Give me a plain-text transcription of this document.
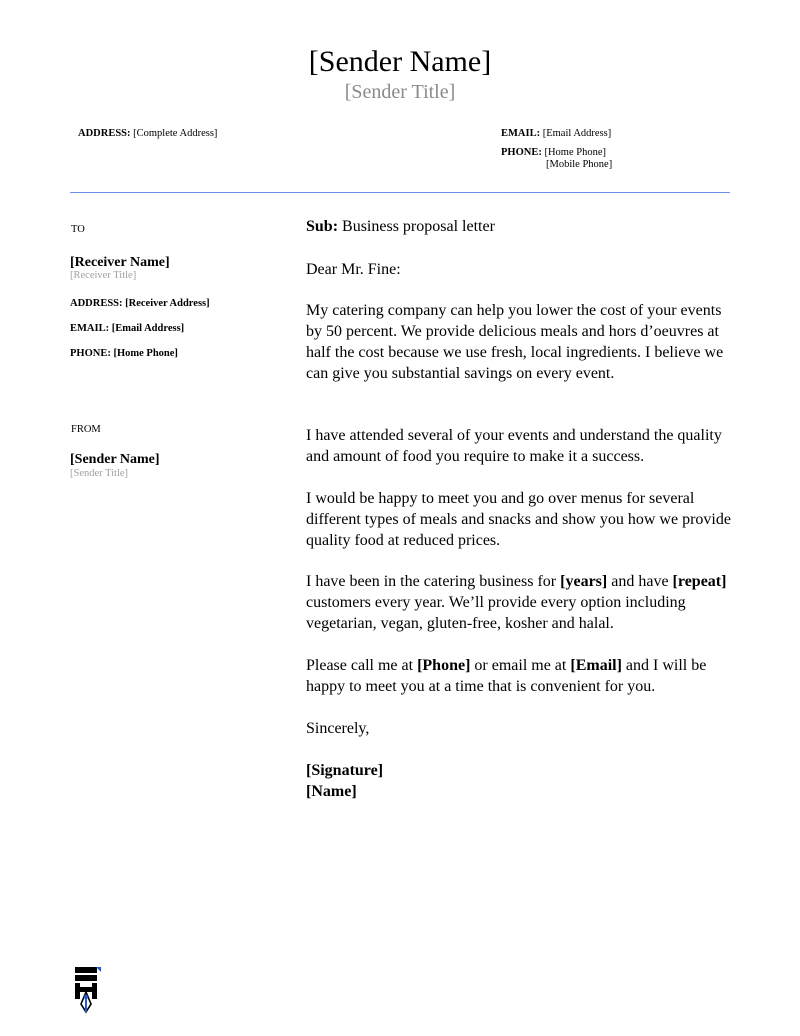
[Sender Name]
[Sender Title]
ADDRESS: [Complete Address]	EMAIL: [Email Address]
PHONE: [Home Phone]
[Mobile Phone]
TO
[Receiver Name]
[Receiver Title]
ADDRESS: [Receiver Address]
EMAIL: [Email Address]
PHONE: [Home Phone]
FROM
[Sender Name]
[Sender Title]
Sub: Business proposal letter
Dear Mr. Fine:
My catering company can help you lower the cost of your events by 50 percent. We provide delicious meals and hors d’oeuvres at half the cost because we use fresh, local ingredients. I believe we can give you substantial savings on every event.
I have attended several of your events and understand the quality and amount of food you require to make it a success.
I would be happy to meet you and go over menus for several different types of meals and snacks and show you how we provide quality food at reduced prices.
I have been in the catering business for [years] and have [repeat] customers every year. We’ll provide every option including vegetarian, vegan, gluten-free, kosher and halal.
Please call me at [Phone] or email me at [Email] and I will be happy to meet you at a time that is convenient for you.
Sincerely,
[Signature]
[Name]
